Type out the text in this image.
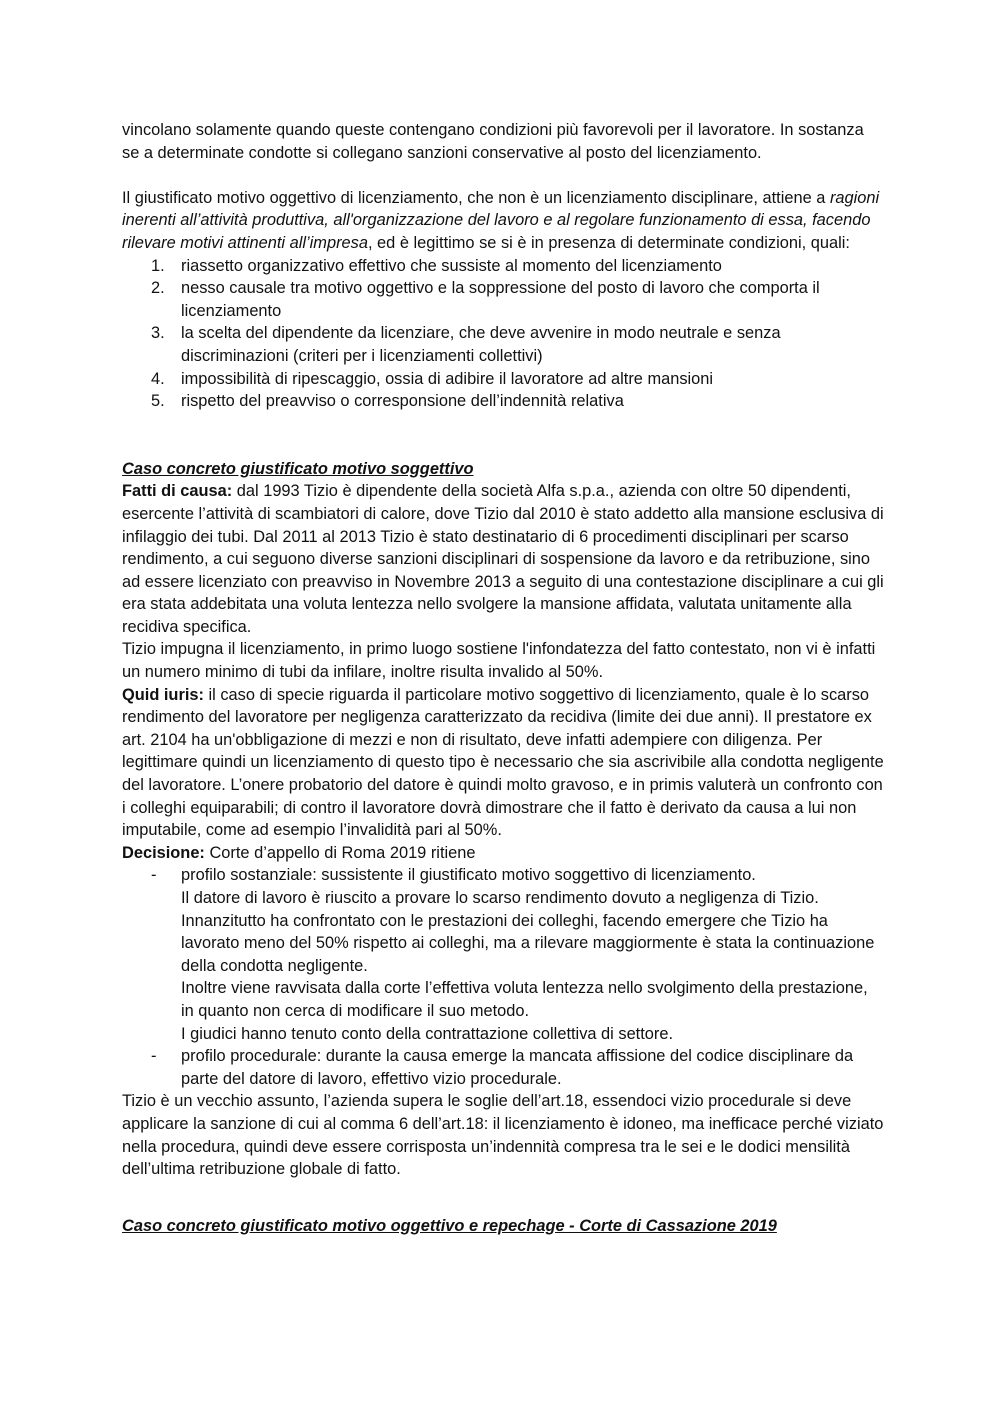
vincolano solamente quando queste contengano condizioni più favorevoli per il lavoratore. In sostanza se a determinate condotte si collegano sanzioni conservative al posto del licenziamento.

Il giustificato motivo oggettivo di licenziamento, che non è un licenziamento disciplinare, attiene a ragioni inerenti all’attività produttiva, all'organizzazione del lavoro e al regolare funzionamento di essa, facendo rilevare motivi attinenti all’impresa, ed è legittimo se si è in presenza di determinate condizioni, quali:

1. riassetto organizzativo effettivo che sussiste al momento del licenziamento
2. nesso causale tra motivo oggettivo e la soppressione del posto di lavoro che comporta il licenziamento
3. la scelta del dipendente da licenziare, che deve avvenire in modo neutrale e senza discriminazioni (criteri per i licenziamenti collettivi)
4. impossibilità di ripescaggio, ossia di adibire il lavoratore ad altre mansioni
5. rispetto del preavviso o corresponsione dell’indennità relativa

Caso concreto giustificato motivo soggettivo

Fatti di causa: dal 1993 Tizio è dipendente della società Alfa s.p.a., azienda con oltre 50 dipendenti, esercente l’attività di scambiatori di calore, dove Tizio dal 2010 è stato addetto alla mansione esclusiva di infilaggio dei tubi. Dal 2011 al 2013 Tizio è stato destinatario di 6 procedimenti disciplinari per scarso rendimento, a cui seguono diverse sanzioni disciplinari di sospensione da lavoro e da retribuzione, sino ad essere licenziato con preavviso in Novembre 2013 a seguito di una contestazione disciplinare a cui gli era stata addebitata una voluta lentezza nello svolgere la mansione affidata, valutata unitamente alla recidiva specifica.

Tizio impugna il licenziamento, in primo luogo sostiene l'infondatezza del fatto contestato, non vi è infatti un numero minimo di tubi da infilare, inoltre risulta invalido al 50%.

Quid iuris: il caso di specie riguarda il particolare motivo soggettivo di licenziamento, quale è lo scarso rendimento del lavoratore per negligenza caratterizzato da recidiva (limite dei due anni). Il prestatore ex art. 2104 ha un'obbligazione di mezzi e non di risultato, deve infatti adempiere con diligenza. Per legittimare quindi un licenziamento di questo tipo è necessario che sia ascrivibile alla condotta negligente del lavoratore. L’onere probatorio del datore è quindi molto gravoso, e in primis valuterà un confronto con i colleghi equiparabili; di contro il lavoratore dovrà dimostrare che il fatto è derivato da causa a lui non imputabile, come ad esempio l’invalidità pari al 50%.

Decisione: Corte d’appello di Roma 2019 ritiene

- profilo sostanziale: sussistente il giustificato motivo soggettivo di licenziamento.

Il datore di lavoro è riuscito a provare lo scarso rendimento dovuto a negligenza di Tizio. Innanzitutto ha confrontato con le prestazioni dei colleghi, facendo emergere che Tizio ha lavorato meno del 50% rispetto ai colleghi, ma a rilevare maggiormente è stata la continuazione della condotta negligente.

Inoltre viene ravvisata dalla corte l’effettiva voluta lentezza nello svolgimento della prestazione, in quanto non cerca di modificare il suo metodo.

I giudici hanno tenuto conto della contrattazione collettiva di settore.

- profilo procedurale: durante la causa emerge la mancata affissione del codice disciplinare da parte del datore di lavoro, effettivo vizio procedurale.

Tizio è un vecchio assunto, l’azienda supera le soglie dell’art.18, essendoci vizio procedurale si deve applicare la sanzione di cui al comma 6 dell’art.18: il licenziamento è idoneo, ma inefficace perché viziato nella procedura, quindi deve essere corrisposta un’indennità compresa tra le sei e le dodici mensilità dell’ultima retribuzione globale di fatto.

Caso concreto giustificato motivo oggettivo e repechage - Corte di Cassazione 2019
